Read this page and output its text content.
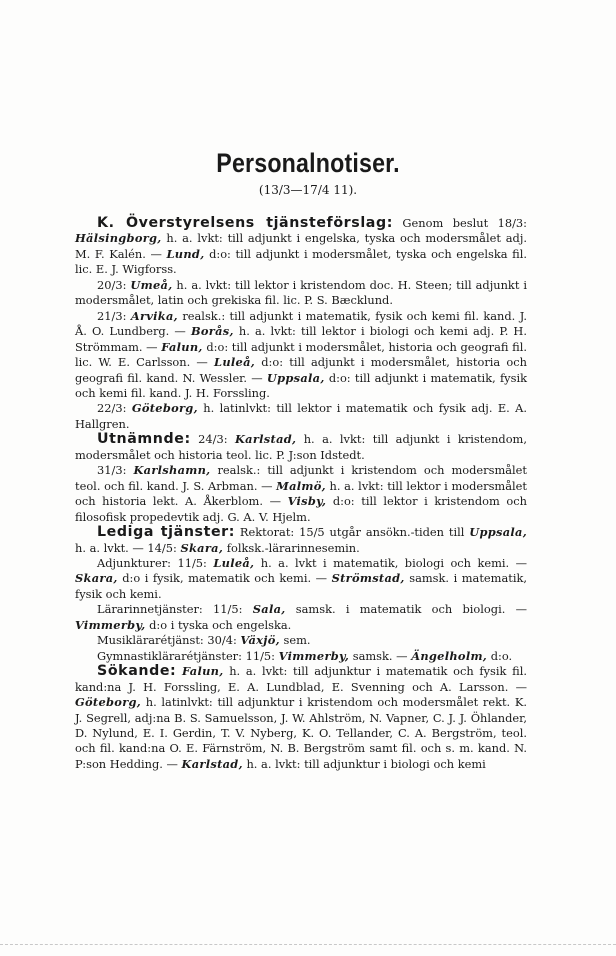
Personalnotiser.
(13/3—17/4 11).

K. Överstyrelsens tjänsteförslag: Genom beslut 18/3: Hälsingborg, h. a. lvkt: till adjunkt i engelska, tyska och modersmålet adj. M. F. Kalén. — Lund, d:o: till adjunkt i modersmålet, tyska och engelska fil. lic. E. J. Wigforss.

20/3: Umeå, h. a. lvkt: till lektor i kristendom doc. H. Steen; till adjunkt i modersmålet, latin och grekiska fil. lic. P. S. Bæcklund.

21/3: Arvika, realsk.: till adjunkt i matematik, fysik och kemi fil. kand. J. Å. O. Lundberg. — Borås, h. a. lvkt: till lektor i biologi och kemi adj. P. H. Strömmam. — Falun, d:o: till adjunkt i modersmålet, historia och geografi fil. lic. W. E. Carlsson. — Luleå, d:o: till adjunkt i modersmålet, historia och geografi fil. kand. N. Wessler. — Uppsala, d:o: till adjunkt i matematik, fysik och kemi fil. kand. J. H. Forssling.

22/3: Göteborg, h. latinlvkt: till lektor i matematik och fysik adj. E. A. Hallgren.

Utnämnde: 24/3: Karlstad, h. a. lvkt: till adjunkt i kristendom, modersmålet och historia teol. lic. P. J:son Idstedt.

31/3: Karlshamn, realsk.: till adjunkt i kristendom och modersmålet teol. och fil. kand. J. S. Arbman. — Malmö, h. a. lvkt: till lektor i modersmålet och historia lekt. A. Åkerblom. — Visby, d:o: till lektor i kristendom och filosofisk propedevtik adj. G. A. V. Hjelm.

Lediga tjänster: Rektorat: 15/5 utgår ansökn.-tiden till Uppsala, h. a. lvkt. — 14/5: Skara, folksk.-lärarinnesemin.

Adjunkturer: 11/5: Luleå, h. a. lvkt i matematik, biologi och kemi. — Skara, d:o i fysik, matematik och kemi. — Strömstad, samsk. i matematik, fysik och kemi.

Lärarinnetjänster: 11/5: Sala, samsk. i matematik och biologi. — Vimmerby, d:o i tyska och engelska.

Musiklärarétjänst: 30/4: Växjö, sem.

Gymnastiklärarétjänster: 11/5: Vimmerby, samsk. — Ängelholm, d:o.

Sökande: Falun, h. a. lvkt: till adjunktur i matematik och fysik fil. kand:na J. H. Forssling, E. A. Lundblad, E. Svenning och A. Larsson. — Göteborg, h. latinlvkt: till adjunktur i kristendom och modersmålet rekt. K. J. Segrell, adj:na B. S. Samuelsson, J. W. Ahlström, N. Vapner, C. J. J. Öhlander, D. Nylund, E. I. Gerdin, T. V. Nyberg, K. O. Tellander, C. A. Bergström, teol. och fil. kand:na O. E. Färnström, N. B. Bergström samt fil. och s. m. kand. N. P:son Hedding. — Karlstad, h. a. lvkt: till adjunktur i biologi och kemi
